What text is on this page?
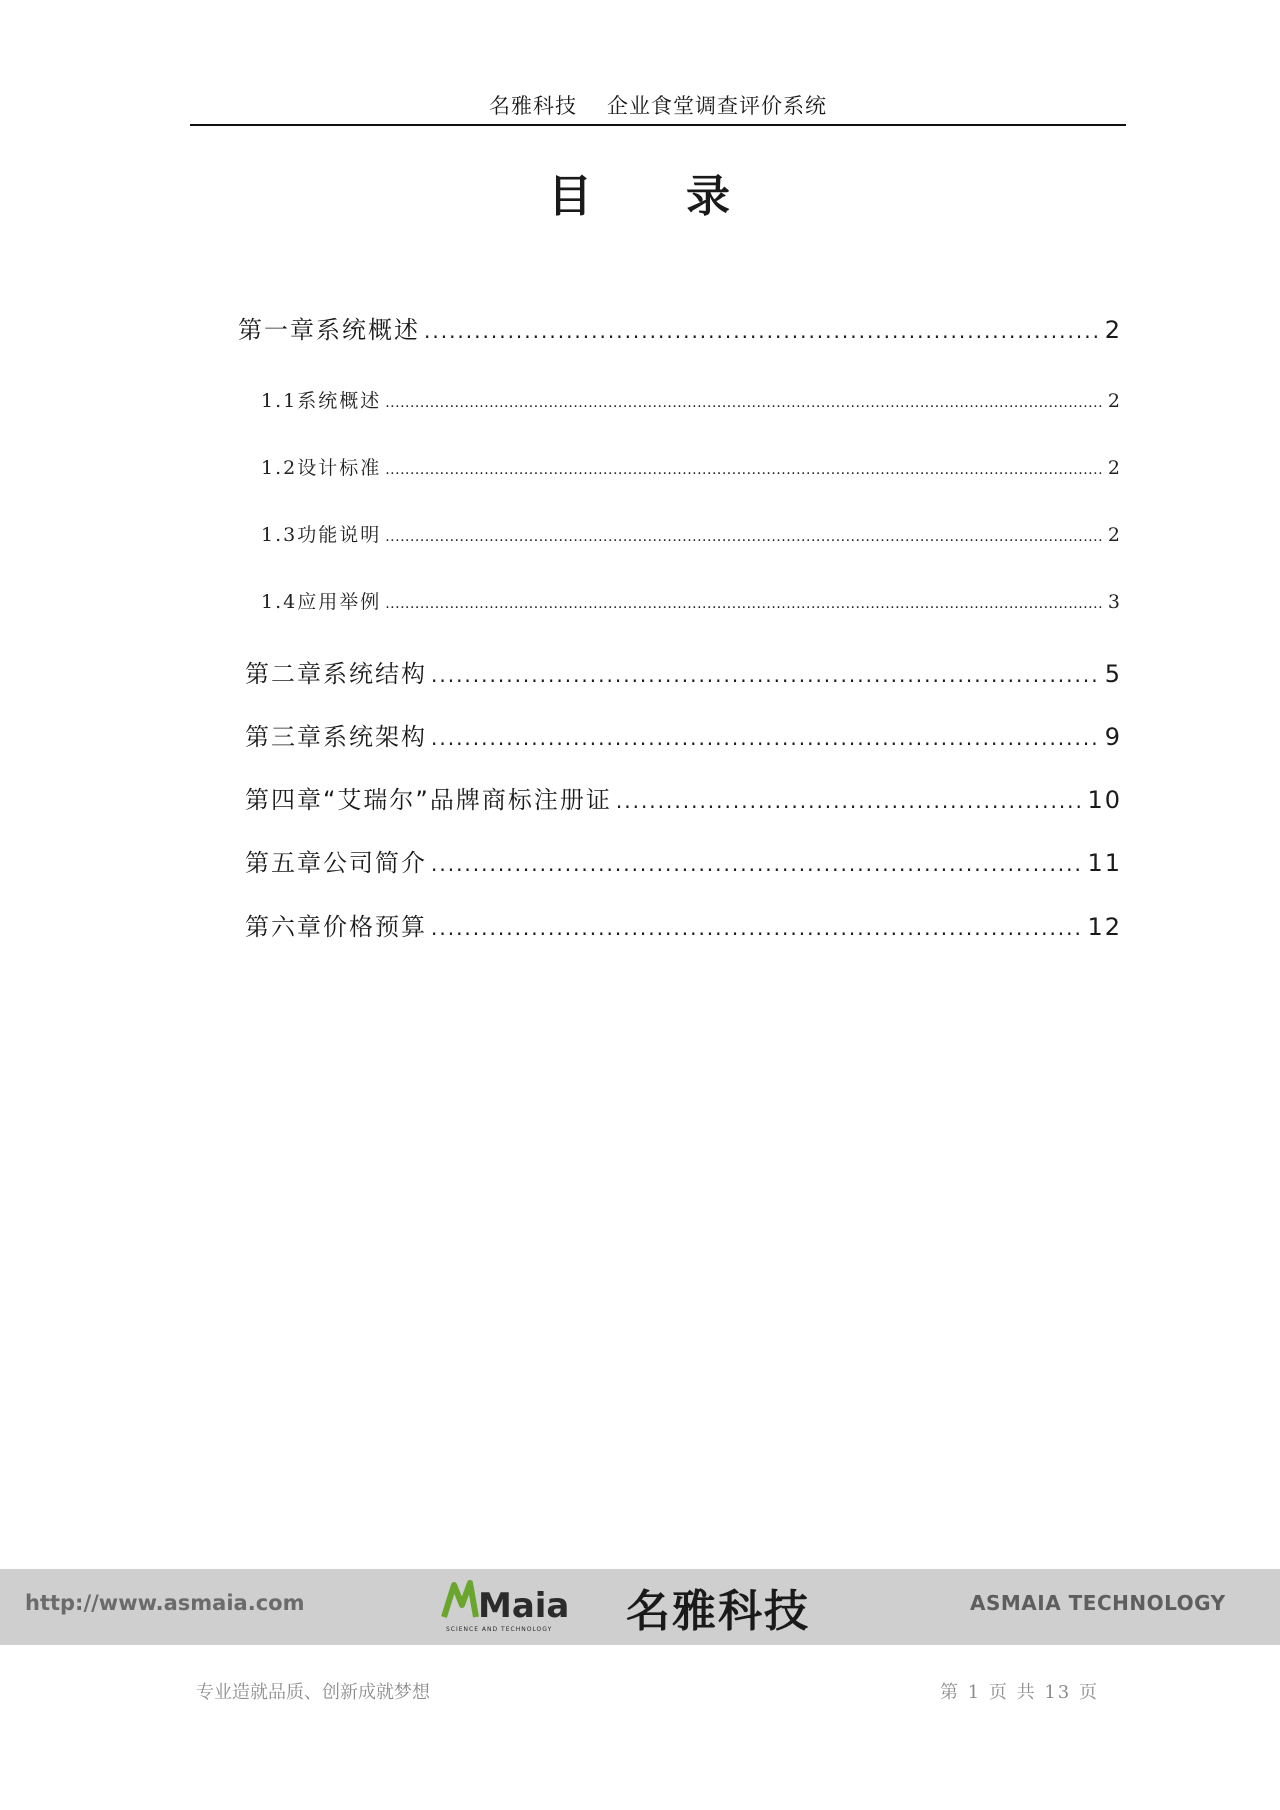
名雅科技 企业食堂调查评价系统
目 录
第一章 系统概述 .....	2
1.1 系统概述 .....	2
1.2 设计标准 .....	2
1.3 功能说明 .....	2
1.4 应用举例 .....	3
第二章 系统结构 .....	5
第三章 系统架构 .....	9
第四章 “艾瑞尔”品牌商标注册证 .....	10
第五章 公司简介 .....	11
第六章 价格预算 .....	12
http://www.asmaia.com	Maia
SCIENCE AND TECHNOLOGY 名雅科技	ASMAIA TECHNOLOGY
专业造就品质、创新成就梦想	第 1 页 共 13 页
